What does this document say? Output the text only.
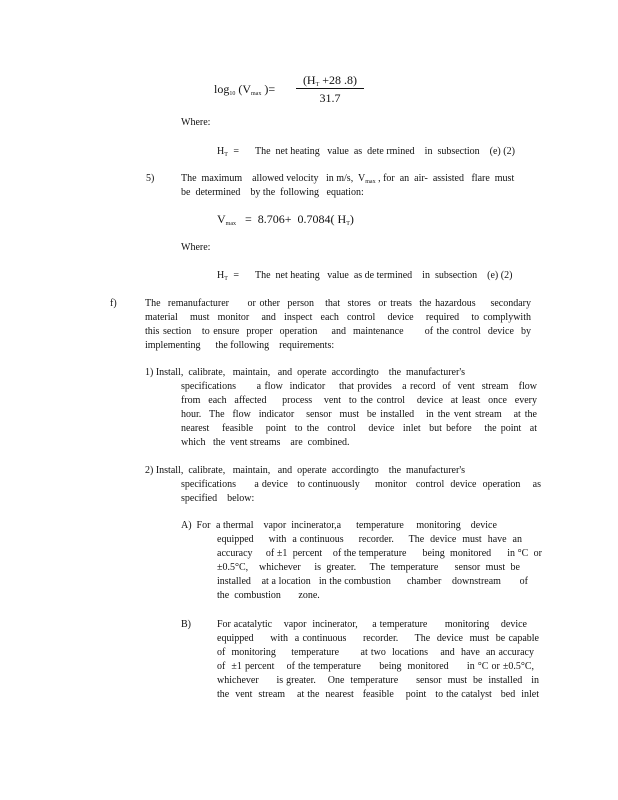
$\log_{10} (V_{max}$ )=
($H_T +28$ .8)
31.7
Where:
$H_T$ = The  net heating   value  as  dete rmined    in  subsection    (e) (2)
5)	The  maximum    allowed velocity   in m/s,  $V_{max}$ , for  an  air-  assisted   flare  must
be  determined    by the  following   equation:
$V_{max} = 8.706+ 0.7084$( $H_T$)
Where:
$H_T$ = The  net heating   value  as de termined    in  subsection    (e) (2)
f)	The  remanufacturer     or other  person   that  stores  or treats  the hazardous    secondary
material   must  monitor   and  inspect  each  control   device   required   to complywith
this section   to ensure  proper  operation    and  maintenance      of the control  device  by
implementing      the following    requirements:
1) Install,  calibrate,   maintain,   and  operate  accordingto    the  manufacturer's
specifications      a flow  indicator    that provides   a record  of  vent  stream   flow
from  each  affected    process   vent  to the control   device  at least  once  every
hour.  The  flow  indicator   sensor  must  be installed   in the vent stream   at the
nearest   feasible   point  to the  control   device  inlet  but before   the point  at
which   the  vent streams    are  combined.
2) Install,  calibrate,   maintain,   and  operate  accordingto    the  manufacturer's
specifications      a device   to continuously     monitor   control  device  operation    as
specified    below:
A)  For a thermal    vapor  incinerator,a      temperature     monitoring    device
equipped     with  a continuous     recorder.     The  device  must  have  an
accuracy     of ±1  percent    of the temperature      being  monitored      in °C  or
±0.5°C,    whichever     is  greater.     The  temperature      sensor  must  be
installed    at a location   in the combustion      chamber    downstream       of
the  combustion       zone.
B)	For acatalytic    vapor  incinerator,     a temperature      monitoring    device
equipped     with  a continuous     recorder.     The  device  must  be capable
of  monitoring     temperature       at two  locations    and  have  an accuracy
of  ±1 percent    of the temperature      being  monitored      in °C or ±0.5°C,
whichever      is greater.    One  temperature      sensor  must  be  installed   in
the  vent  stream    at the  nearest   feasible    point   to the catalyst   bed  inlet
